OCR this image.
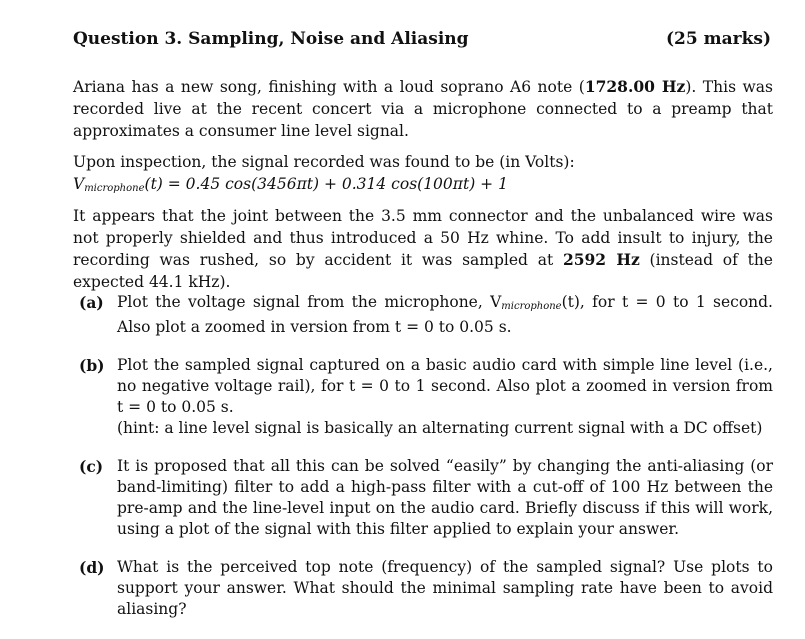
Question 3. Sampling, Noise and Aliasing	(25 marks)
Ariana has a new song, finishing with a loud soprano A6 note (1728.00 Hz). This was recorded live at the recent concert via a microphone connected to a preamp that approximates a consumer line level signal.
Upon inspection, the signal recorded was found to be (in Volts):
$V_{microphone}(t) = 0.45$ cos(3456πt) + 0.314 cos(100πt) + 1
It appears that the joint between the 3.5 mm connector and the unbalanced wire was not properly shielded and thus introduced a 50 Hz whine. To add insult to injury, the recording was rushed, so by accident it was sampled at 2592 Hz (instead of the expected 44.1 kHz).
(a) Plot the voltage signal from the microphone, $V_{microphone}(t)$, for t = 0 to 1 second. Also plot a zoomed in version from t = 0 to 0.05 s.
(b) Plot the sampled signal captured on a basic audio card with simple line level (i.e., no negative voltage rail), for t = 0 to 1 second. Also plot a zoomed in version from t = 0 to 0.05 s.
(hint: a line level signal is basically an alternating current signal with a DC offset)
(c) It is proposed that all this can be solved “easily” by changing the anti-aliasing (or band-limiting) filter to add a high-pass filter with a cut-off of 100 Hz between the pre-amp and the line-level input on the audio card. Briefly discuss if this will work, using a plot of the signal with this filter applied to explain your answer.
(d) What is the perceived top note (frequency) of the sampled signal? Use plots to support your answer. What should the minimal sampling rate have been to avoid aliasing?
